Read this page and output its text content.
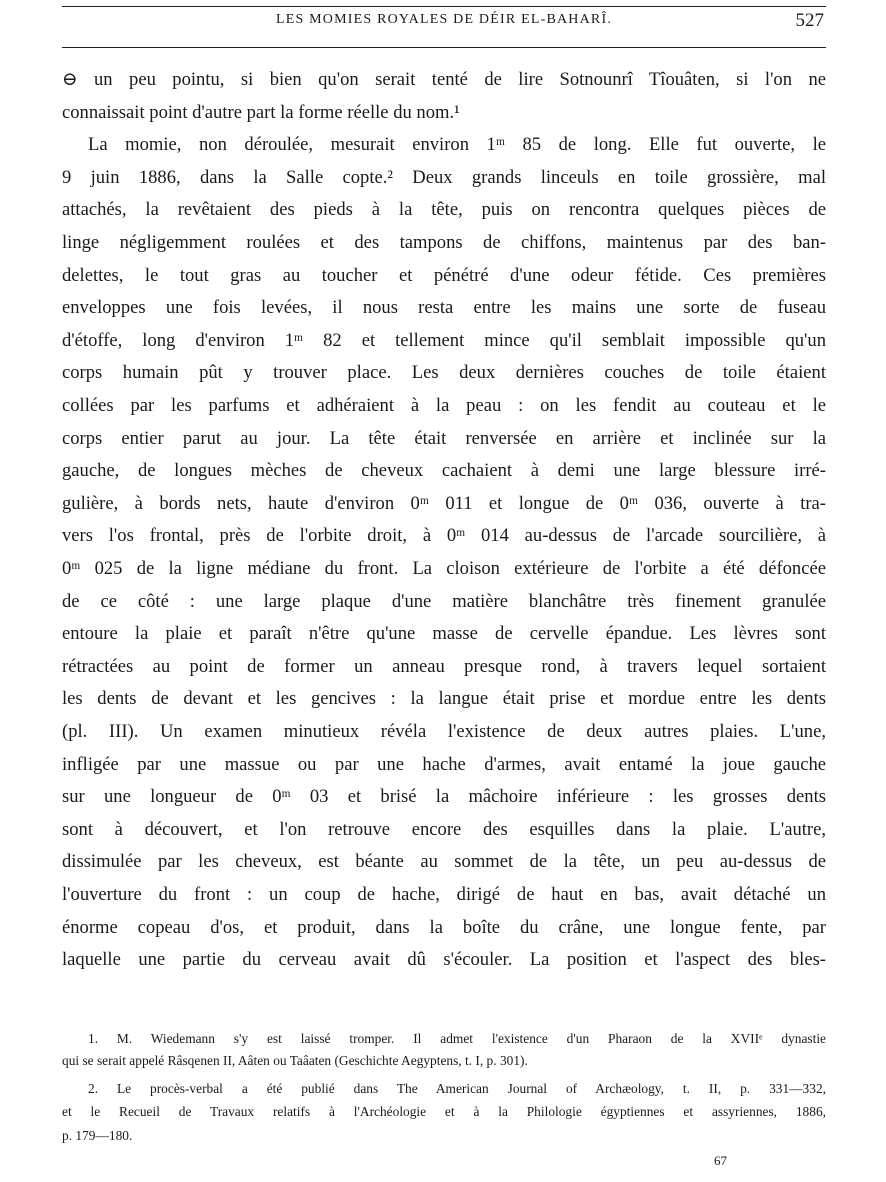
LES MOMIES ROYALES DE DÉIR EL-BAHARÎ.	527
⊖ un peu pointu, si bien qu'on serait tenté de lire Sotnounrî Tîouâten, si l'on ne
connaissait point d'autre part la forme réelle du nom.¹
La momie, non déroulée, mesurait environ 1ᵐ 85 de long. Elle fut ouverte, le
9 juin 1886, dans la Salle copte.² Deux grands linceuls en toile grossière, mal
attachés, la revêtaient des pieds à la tête, puis on rencontra quelques pièces de
linge négligemment roulées et des tampons de chiffons, maintenus par des ban-
delettes, le tout gras au toucher et pénétré d'une odeur fétide. Ces premières
enveloppes une fois levées, il nous resta entre les mains une sorte de fuseau
d'étoffe, long d'environ 1ᵐ 82 et tellement mince qu'il semblait impossible qu'un
corps humain pût y trouver place. Les deux dernières couches de toile étaient
collées par les parfums et adhéraient à la peau : on les fendit au couteau et le
corps entier parut au jour. La tête était renversée en arrière et inclinée sur la
gauche, de longues mèches de cheveux cachaient à demi une large blessure irré-
gulière, à bords nets, haute d'environ 0ᵐ 011 et longue de 0ᵐ 036, ouverte à tra-
vers l'os frontal, près de l'orbite droit, à 0ᵐ 014 au-dessus de l'arcade sourcilière, à
0ᵐ 025 de la ligne médiane du front. La cloison extérieure de l'orbite a été défoncée
de ce côté : une large plaque d'une matière blanchâtre très finement granulée
entoure la plaie et paraît n'être qu'une masse de cervelle épandue. Les lèvres sont
rétractées au point de former un anneau presque rond, à travers lequel sortaient
les dents de devant et les gencives : la langue était prise et mordue entre les dents
(pl. III). Un examen minutieux révéla l'existence de deux autres plaies. L'une,
infligée par une massue ou par une hache d'armes, avait entamé la joue gauche
sur une longueur de 0ᵐ 03 et brisé la mâchoire inférieure : les grosses dents
sont à découvert, et l'on retrouve encore des esquilles dans la plaie. L'autre,
dissimulée par les cheveux, est béante au sommet de la tête, un peu au-dessus de
l'ouverture du front : un coup de hache, dirigé de haut en bas, avait détaché un
énorme copeau d'os, et produit, dans la boîte du crâne, une longue fente, par
laquelle une partie du cerveau avait dû s'écouler. La position et l'aspect des bles-
1. M. Wiedemann s'y est laissé tromper. Il admet l'existence d'un Pharaon de la XVIIᵉ dynastie
qui se serait appelé Râsqenen II, Aâten ou Taâaten (Geschichte Aegyptens, t. I, p. 301).
2. Le procès-verbal a été publié dans The American Journal of Archæology, t. II, p. 331—332,
et le Recueil de Travaux relatifs à l'Archéologie et à la Philologie égyptiennes et assyriennes, 1886,
p. 179—180.
67
